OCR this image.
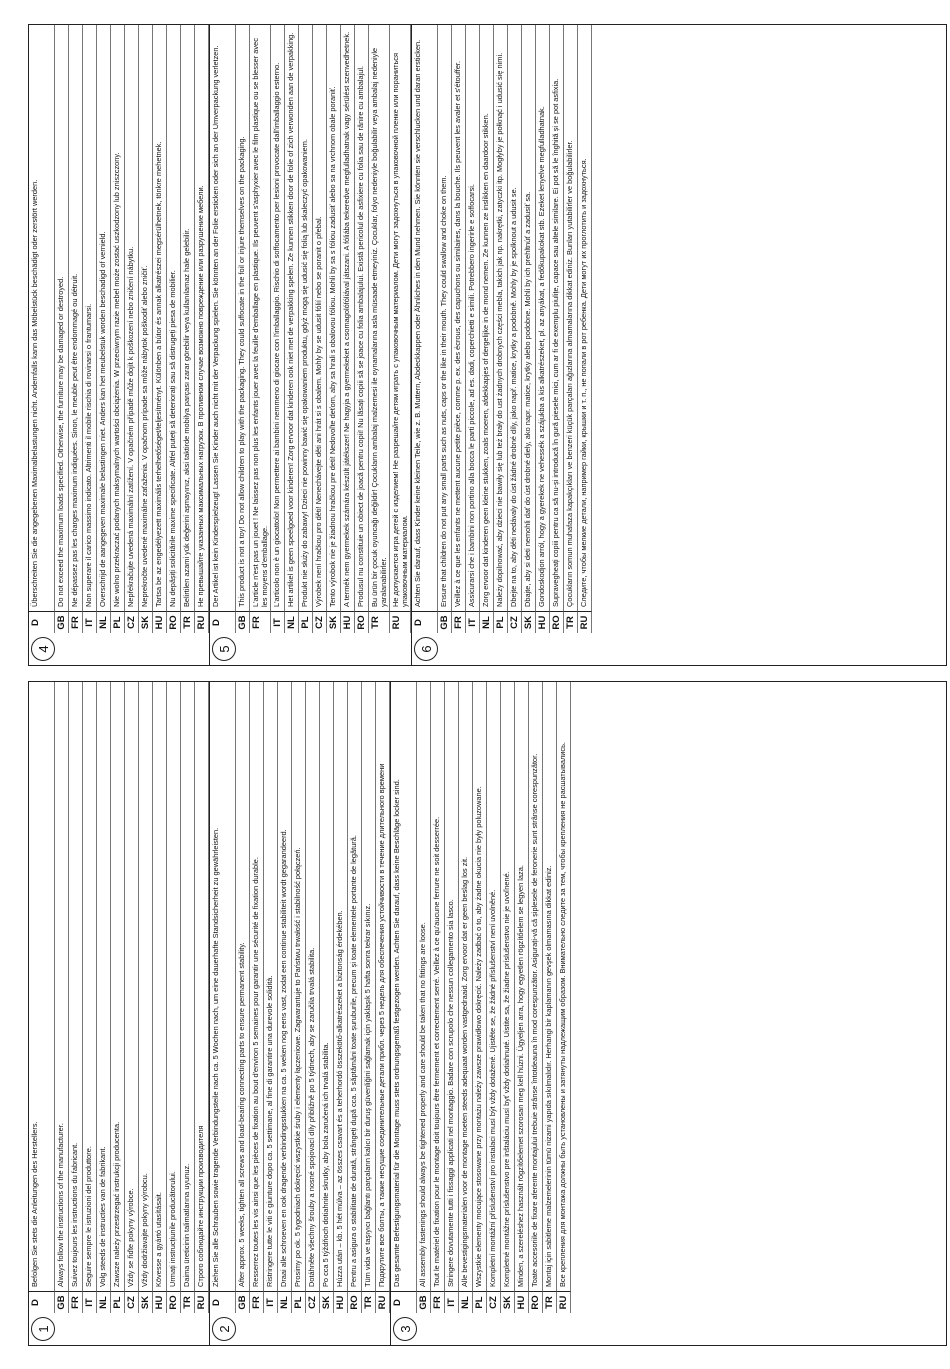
1
D
Befolgen Sie stets die Anleitungen des Herstellers.
GB
Always follow the instructions of the manufacturer.
FR
Suivez toujours les instructions du fabricant.
IT
Seguire sempre le istruzioni del produttore.
NL
Volg steeds de instructies van de fabrikant.
PL
Zawsze należy przestrzegać instrukcji producenta.
CZ
Vždy se řiďte pokyny výrobce.
SK
Vždy dodržiavajte pokyny výrobcu.
HU
Kövesse a gyártó utasításait.
RO
Urmați instrucțiunile producătorului.
TR
Daima üreticinin talimatlarına uyunuz.
RU
Строго соблюдайте инструкции производителя
2
D
Ziehen Sie alle Schrauben sowie tragende Verbindungsteile nach ca. 5 Wochen nach, um eine dauerhafte Standsicherheit zu gewährleisten.
GB
After approx. 5 weeks, tighten all screws and load-bearing connecting parts to ensure permanent stability.
FR
Resserrez toutes les vis ainsi que les pièces de fixation au bout d'environ 5 semaines pour garantir une sécurité de fixation durable.
IT
Ristringere tutte le viti e giunture dopo ca. 5 settimane, al fine di garantire una durevole solidità.
NL
Draai alle schroeven en ook dragende verbindingsstukken na ca. 5 weken nog eens vast, zodat een continue stabiliteit wordt gegarandeerd.
PL
Prosimy po ok. 5 tygodniach dokręcić wszystkie śruby i elementy łączeniowe. Zagwarantuje to Państwu trwałość i stabilność połączeń.
CZ
Dotáhněte všechny šrouby a nosné spojovací díly přibližně po 5 týdnech, aby se zaručila trvalá stabilita.
SK
Po cca 5 týždňoch dotiahnite skrutky, aby bola zaručená ich trvalá stabilita.
HU
Húzza után – kb. 5 hét múlva – az összes csavart és a teherhordó összekötő-alkatrészeket a biztonság érdekében.
RO
Pentru a asigura o stabilitate de durată, strângeți după cca. 5 săptămâni toate șuruburile, precum și toate elementele portante de legătură.
TR
Tüm vida ve taşıyıcı bağlantı parçaların kalıcı bir duruş güvenliğini sağlamak için yaklaşık 5 hafta sonra tekrar sıkınız.
RU
Подкрутите все болты, а также несущие соединительные детали прибл. через 5 недель для обеспечения устойчивости в течение длительного времени
3
D
Das gesamte Befestigungsmaterial für die Montage muss stets ordnungsgemäß festgezogen werden. Achten Sie darauf, dass keine Beschläge locker sind.
GB
All assembly fastenings should always be tightened properly and care should be taken that no fittings are loose.
FR
Tout le matériel de fixation pour le montage doit toujours être fermement et correctement serré. Veillez à ce qu'aucune ferrure ne soit desserrée.
IT
Stringere dovutamente tutti i fissaggi applicati nel montaggio. Badare con scrupolo che nessun collegamento sia lasco.
NL
Alle bevestigingsmaterialen voor de montage moeten steeds adequaat worden vastgedraaid. Zorg ervoor dat er geen beslag los zit.
PL
Wszystkie elementy mocujące stosowane przy montażu należy zawsze prawidłowo dokręcić. Należy zadbać o to, aby żadne okucia nie były poluzowane.
CZ
Kompletní montážní příslušenství pro instalaci musí být vždy dotažené. Ujistěte se, že žádné příslušenství není uvolněné.
SK
Kompletné montážne príslušenstvo pre inštaláciu musí byť vždy dotiahnuté. Uistite sa, že žiadne príslušenstvo nie je uvoľnené.
HU
Minden, a szereléshez használt rögzítőelemet szorosan meg kell húzni. Ügyeljen arra, hogy egyetlen rögzítőelem se legyen laza.
RO
Toate accesoriile de fixare aferente montajului trebuie strânse întotdeauna în mod corespunzător. Asigurați-vă că șiplesele de feronerie sunt strânse corespunzător.
TR
Montaj için sabitleme malzemelerinin tümü nizami yapıda sıkılmalıdır. Herhangi bir kaplamanın gevşek olmamasına dikkat ediniz.
RU
Все крепления для монтажа должны быть установлены и затянуты надлежащим образом. Внимательно следите за тем, чтобы крепления не расшатывались.
4
D
Überschreiten Sie die angegebenen Maximalbelastungen nicht. Andernfalls kann das Möbelstück beschädigt oder zerstört werden.
GB
Do not exceed the maximum loads specified. Otherwise, the furniture may be damaged or destroyed.
FR
Ne dépassez pas les charges maximum indiquées. Sinon, le meuble peut être endommagé ou détruit.
IT
Non superare il carico massimo indicato. Altrimenti il mobile rischia di rovinarsi o frantumarsi.
NL
Overschrijd de aangegeven maximale belastingen niet. Anders kan het meubelstuk worden beschadigd of vernield.
PL
Nie wolno przekraczać podanych maksymalnych wartości obciążenia. W przeciwnym razie mebel może zostać uszkodzony lub zniszczony.
CZ
Nepřekračujte uvedená maximální zatížení. V opačném případě může dojít k poškození nebo zničení nábytku.
SK
Neprekročte uvedené maximálne zaťaženia. V opačnom prípade sa môže nábytok poškodiť alebo zničiť.
HU
Tartsa be az engedélyezett maximális terhelhetőséget/teljesítményt. Különben a bútor és annak alkatrészei megsérülhetnek, tönkre mehetnek.
RO
Nu depășiți solicitările maxime specificate. Altfel puteți să deteriorați sau să distrugeți piesa de mobilier.
TR
Belirtilen azami yük değerini aşmayınız, aksi taktirde mobilya parçası zarar görebilir veya kullanılamaz hale gelebilir.
RU
Не превышайте указанных максимальных нагрузок. В противном случае возможно повреждение или разрушение мебели.
5
D
Der Artikel ist kein Kinderspielzeug! Lassen Sie Kinder auch nicht mit der Verpackung spielen. Sie könnten an der Folie ersticken oder sich an der Umverpackung verletzen.
GB
This product is not a toy! Do not allow children to play with the packaging. They could suffocate in the foil or injure themselves on the packaging.
FR
L'article n'est pas un jouet ! Ne laissez pas non plus les enfants jouer avec la feuille d'emballage en plastique. Ils peuvent s'asphyxier avec le film plastique ou se blesser avec les moyens d'emballage.
IT
L'articolo non è un giocattolo! Non permettere ai bambini nemmeno di giocare con l'imballaggio. Rischio di soffocamento per lesioni provocate dall'imballaggio esterno.
NL
Het artikel is geen speelgoed voor kinderen! Zorg ervoor dat kinderen ook niet met de verpakking spelen. Ze kunnen stikken door de folie of zich verwonden aan de verpakking.
PL
Produkt nie służy do zabawy! Dzieci nie powinny bawić się opakowaniem produktu, gdyż mogą się udusić się folią lub skaleczyć opakowaniem.
CZ
Výrobek není hračkou pro děti! Nenechávejte děti ani hrát si s obalem. Mohly by se udusit fólií nebo se poranit o přebal.
SK
Tento výrobok nie je žiadnou hračkou pre deti! Nedovoľte deťom, aby sa hrali s obalovou fóliou. Mohli by sa s fóliou zadusiť alebo sa na vrchnom obale poraniť.
HU
A termék nem gyermekek számára készült játékszer! Ne hagyja a gyermekeket a csomagolófóliával játszani. A fóliába tekeredve megfulladhatnak vagy sérülést szenvedhetnek.
RO
Produsul nu constituie un obiect de joacă pentru copii! Nu lăsați copiii să se joace cu folia ambalajului. Există pericolul de asfixiere cu folia sau de rănire cu ambalajul.
TR
Bu ürün bir çocuk oyuncağı değildir! Çocukların ambalaj malzemesi ile oynamalarına asla müsaade etmeyiniz. Çocuklar, folyo nedeniyle boğulabilir veya ambalaj nedeniyle yaralanabilirler.
RU
Не допускается игра детей с изделием! Не разрешайте детям играть с упаковочным материалом. Дети могут задохнуться в упаковочной пленке или пораниться упаковочным материалом.
6
D
Achten Sie darauf, dass Kinder keine kleinen Teile, wie z. B. Muttern, Abdeckkappen oder Ähnliches in den Mund nehmen. Sie könnten sie verschlucken und daran ersticken.
GB
Ensure that children do not put any small parts such as nuts, caps or the like in their mouth. They could swallow and choke on them.
FR
Veillez à ce que les enfants ne mettent aucune petite pièce, comme p. ex. des écrous, des capuchons ou similaires, dans la bouche. Ils peuvent les avaler et s'étouffer.
IT
Assicurarsi che i bambini non portino alla bocca le parti piccole, ad es. dadi, coperchietti e simili. Potrebbero ingerirle e soffocarsi.
NL
Zorg ervoor dat kinderen geen kleine stukken, zoals moeren, afdekkapjes of dergelijke in de mond nemen. Ze kunnen ze inslikken en daardoor stikken.
PL
Należy dopilnować, aby dzieci nie bawiły się lub też brały do ust żadnych drobnych części mebla, takich jak np. nakrętki, zatyczki itp. Mogłyby je połknąć i udusić się nimi.
CZ
Dbejte na to, aby děti nedávaly do úst žádné drobné díly, jako např. matice, krytky a podobně. Mohly by je spolknout a udusit se.
SK
Dbajte, aby si deti nemohli dať do úst drobné diely, ako napr. matice, krytky alebo podobne. Mohli by ich prehltnúť a zadusiť sa.
HU
Gondoskodjon arról, hogy a gyerekek ne vehessék a szájukba a kis alkatrészeket, pl. az anyákat, a fedőkupakokat stb. Ezeket lenyelve megfulladhatnak.
RO
Supravegheați copiii pentru ca să nu-și introducă în gură piesele mici, cum ar fi de exemplu piulițe, capace sau altele similare. Ei pot să le înghită și se pot asfixia.
TR
Çocukların somun muhafaza kapakçıkları ve benzeri küçük parçaları ağızlarına almamalarına dikkat ediniz. Bunları yutabilirler ve boğulabilirler.
RU
Следите, чтобы мелкие детали, например гайки, крышки и т. п., не попали в рот ребенка. Дети могут их проглотить и задохнуться.
